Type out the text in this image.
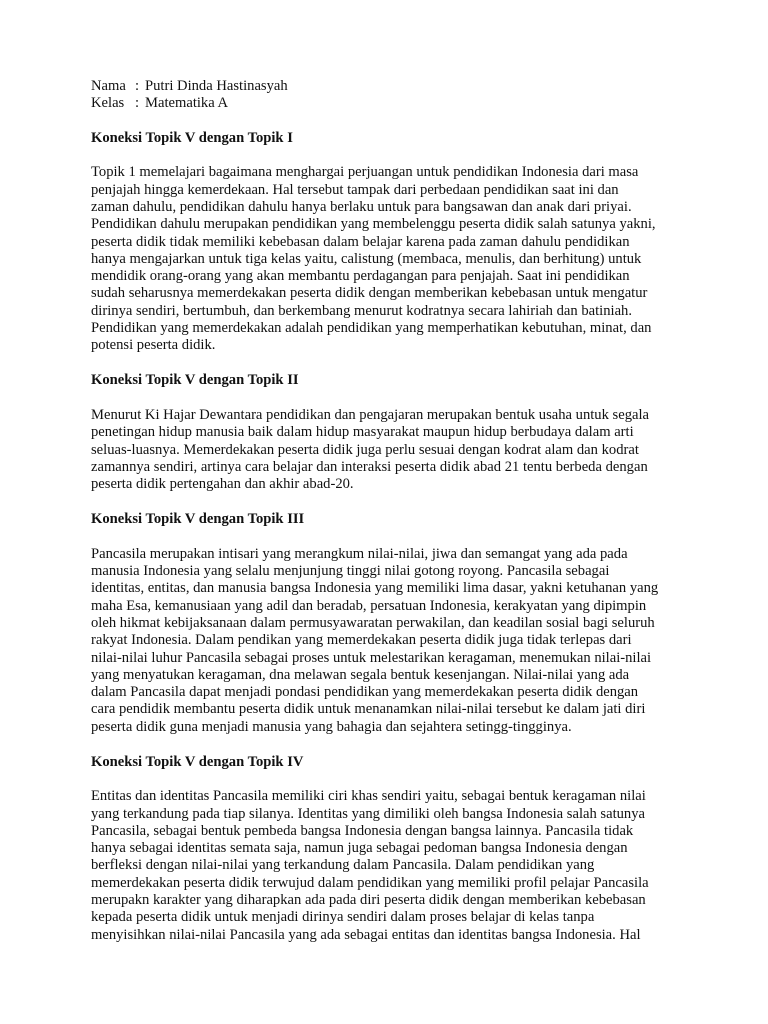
Nama : Putri Dinda Hastinasyah
Kelas : Matematika A
Koneksi Topik V dengan Topik I
Topik 1 memelajari bagaimana menghargai perjuangan untuk pendidikan Indonesia dari masa
penjajah hingga kemerdekaan. Hal tersebut tampak dari perbedaan pendidikan saat ini dan
zaman dahulu, pendidikan dahulu hanya berlaku untuk para bangsawan dan anak dari priyai.
Pendidikan dahulu merupakan pendidikan yang membelenggu peserta didik salah satunya yakni,
peserta didik tidak memiliki kebebasan dalam belajar karena pada zaman dahulu pendidikan
hanya mengajarkan untuk tiga kelas yaitu, calistung (membaca, menulis, dan berhitung) untuk
mendidik orang-orang yang akan membantu perdagangan para penjajah. Saat ini pendidikan
sudah seharusnya memerdekakan peserta didik dengan memberikan kebebasan untuk mengatur
dirinya sendiri, bertumbuh, dan berkembang menurut kodratnya secara lahiriah dan batiniah.
Pendidikan yang memerdekakan adalah pendidikan yang memperhatikan kebutuhan, minat, dan
potensi peserta didik.
Koneksi Topik V dengan Topik II
Menurut Ki Hajar Dewantara pendidikan dan pengajaran merupakan bentuk usaha untuk segala
penetingan hidup manusia baik dalam hidup masyarakat maupun hidup berbudaya dalam arti
seluas-luasnya. Memerdekakan peserta didik juga perlu sesuai dengan kodrat alam dan kodrat
zamannya sendiri, artinya cara belajar dan interaksi peserta didik abad 21 tentu berbeda dengan
peserta didik pertengahan dan akhir abad-20.
Koneksi Topik V dengan Topik III
Pancasila merupakan intisari yang merangkum nilai-nilai, jiwa dan semangat yang ada pada
manusia Indonesia yang selalu menjunjung tinggi nilai gotong royong. Pancasila sebagai
identitas, entitas, dan manusia bangsa Indonesia yang memiliki lima dasar, yakni ketuhanan yang
maha Esa, kemanusiaan yang adil dan beradab, persatuan Indonesia, kerakyatan yang dipimpin
oleh hikmat kebijaksanaan dalam permusyawaratan perwakilan, dan keadilan sosial bagi seluruh
rakyat Indonesia. Dalam pendikan yang memerdekakan peserta didik juga tidak terlepas dari
nilai-nilai luhur Pancasila sebagai proses untuk melestarikan keragaman, menemukan nilai-nilai
yang menyatukan keragaman, dna melawan segala bentuk kesenjangan. Nilai-nilai yang ada
dalam Pancasila dapat menjadi pondasi pendidikan yang memerdekakan peserta didik dengan
cara pendidik membantu peserta didik untuk menanamkan nilai-nilai tersebut ke dalam jati diri
peserta didik guna menjadi manusia yang bahagia dan sejahtera setingg-tingginya.
Koneksi Topik V dengan Topik IV
Entitas dan identitas Pancasila memiliki ciri khas sendiri yaitu, sebagai bentuk keragaman nilai
yang terkandung pada tiap silanya. Identitas yang dimiliki oleh bangsa Indonesia salah satunya
Pancasila, sebagai bentuk pembeda bangsa Indonesia dengan bangsa lainnya. Pancasila tidak
hanya sebagai identitas semata saja, namun juga sebagai pedoman bangsa Indonesia dengan
berfleksi dengan nilai-nilai yang terkandung dalam Pancasila. Dalam pendidikan yang
memerdekakan peserta didik terwujud dalam pendidikan yang memiliki profil pelajar Pancasila
merupakn karakter yang diharapkan ada pada diri peserta didik dengan memberikan kebebasan
kepada peserta didik untuk menjadi dirinya sendiri dalam proses belajar di kelas tanpa
menyisihkan nilai-nilai Pancasila yang ada sebagai entitas dan identitas bangsa Indonesia. Hal
